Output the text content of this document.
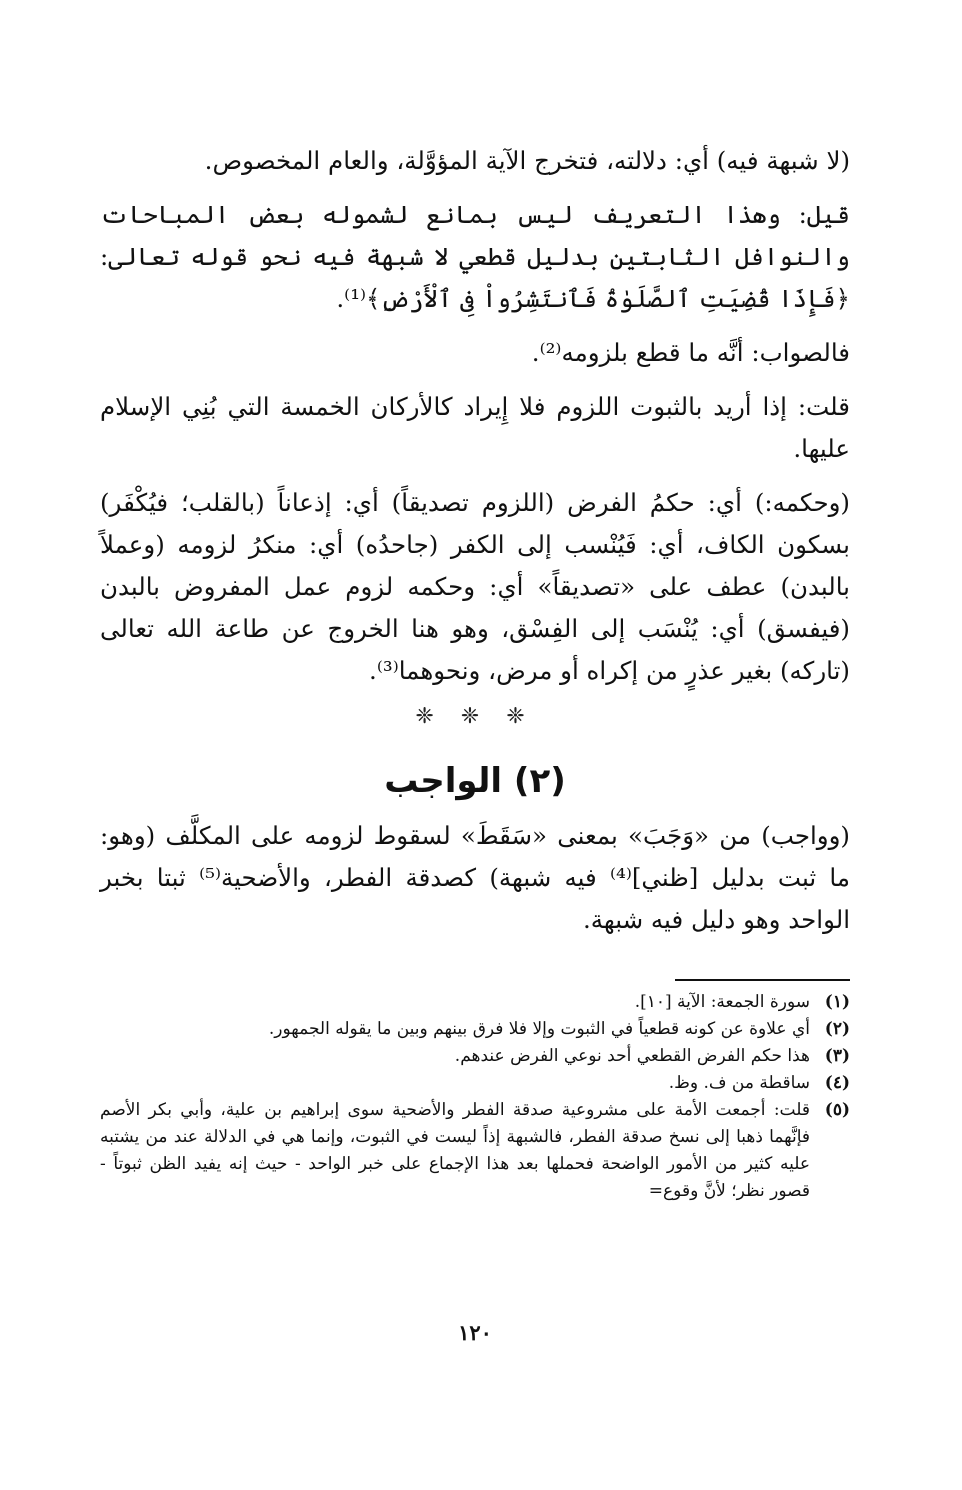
(لا شبهة فيه) أي: دلالته، فتخرج الآية المؤوَّلة، والعام المخصوص.

قيل: وهذا التعريف ليس بمانع لشموله بعض المباحات والنوافل الثابتين بدليل قطعي لا شبهة فيه نحو قوله تعالى: ﴿فَإِذَا قُضِيَتِ ٱلصَّلَوٰةُ فَٱنتَشِرُواْ فِى ٱلْأَرْضِ﴾⁽¹⁾.

فالصواب: أنَّه ما قطع بلزومه⁽²⁾.

قلت: إذا أريد بالثبوت اللزوم فلا إِيراد كالأركان الخمسة التي بُنِي الإسلام عليها.

(وحكمه:) أي: حكمُ الفرض (اللزوم تصديقاً) أي: إذعاناً (بالقلب؛ فيُكْفَر) بسكون الكاف، أي: فَيُنْسب إلى الكفر (جاحدُه) أي: منكرُ لزومه (وعملاً بالبدن) عطف على «تصديقاً» أي: وحكمه لزوم عمل المفروض بالبدن (فيفسق) أي: يُنْسَب إلى الفِسْق، وهو هنا الخروج عن طاعة الله تعالى (تاركه) بغير عذرٍ من إكراه أو مرض، ونحوهما⁽³⁾.

❈ ❈ ❈
(٢) الواجب

(وواجب) من «وَجَبَ» بمعنى «سَقَطَ» لسقوط لزومه على المكلَّف (وهو: ما ثبت بدليل [ظني]⁽⁴⁾ فيه شبهة) كصدقة الفطر، والأضحية⁽⁵⁾ ثبتا بخبر الواحد وهو دليل فيه شبهة.

(١)
سورة الجمعة: الآية [١٠].
(٢)
أي علاوة عن كونه قطعياً في الثبوت وإلا فلا فرق بينهم وبين ما يقوله الجمهور.
(٣)
هذا حكم الفرض القطعي أحد نوعي الفرض عندهم.
(٤)
ساقطة من ف. وظ.
(٥)
قلت: أجمعت الأمة على مشروعية صدقة الفطر والأضحية سوى إبراهيم بن علية، وأبي بكر الأصم فإنَّهما ذهبا إلى نسخ صدقة الفطر، فالشبهة إذاً ليست في الثبوت، وإنما هي في الدلالة عند من يشتبه عليه كثير من الأمور الواضحة فحملها بعد هذا الإجماع على خبر الواحد - حيث إنه يفيد الظن ثبوتاً - قصور نظر؛ لأنَّ وقوع=
١٢٠
